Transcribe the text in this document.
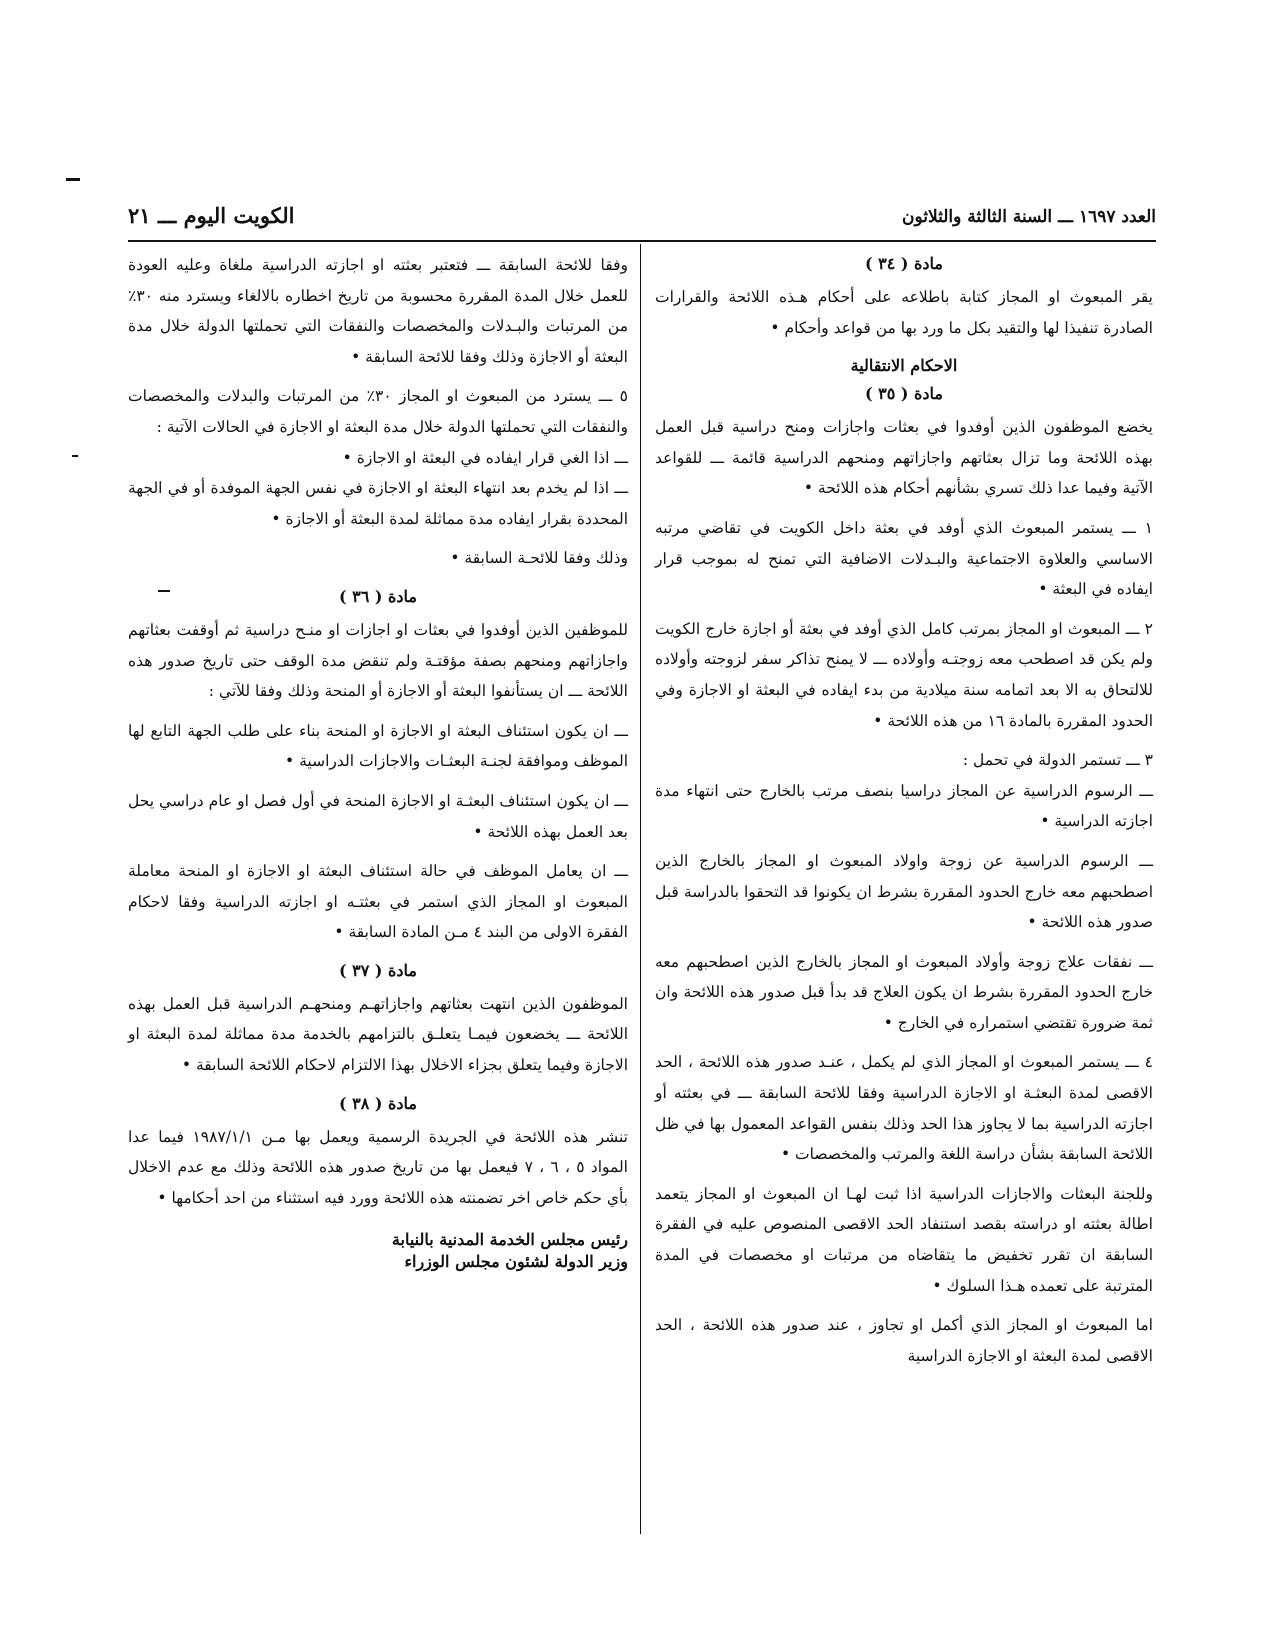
العدد ١٦٩٧ ـــ السنة الثالثة والثلاثون
الكويت اليوم ـــ ٢١
مادة ( ٣٤ )

يقر المبعوث او المجاز كتابة باطلاعه على أحكام هـذه اللائحة والقرارات الصادرة تنفيذا لها والتقيد بكل ما ورد بها من قواعد وأحكام •

الاحكام الانتقالية
مادة ( ٣٥ )

يخضع الموظفون الذين أوفدوا في بعثات واجازات ومنح دراسية قبل العمل بهذه اللائحة وما تزال بعثاتهم واجازاتهم ومنحهم الدراسية قائمة ـــ للقواعد الآتية وفيما عدا ذلك تسري بشأنهم أحكام هذه اللائحة •

١ ـــ يستمر المبعوث الذي أوفد في بعثة داخل الكويت في تقاضي مرتبه الاساسي والعلاوة الاجتماعية والبـدلات الاضافية التي تمنح له بموجب قرار ايفاده في البعثة •

٢ ـــ المبعوث او المجاز بمرتب كامل الذي أوفد في بعثة أو اجازة خارج الكويت ولم يكن قد اصطحب معه زوجتـه وأولاده ـــ لا يمنح تذاكر سفر لزوجته وأولاده للالتحاق به الا بعد اتمامه سنة ميلادية من بدء ايفاده في البعثة او الاجازة وفي الحدود المقررة بالمادة ١٦ من هذه اللائحة •

٣ ـــ تستمر الدولة في تحمل :

ـــ الرسوم الدراسية عن المجاز دراسيا بنصف مرتب بالخارج حتى انتهاء مدة اجازته الدراسية •

ـــ الرسوم الدراسية عن زوجة واولاد المبعوث او المجاز بالخارج الذين اصطحبهم معه خارج الحدود المقررة بشرط ان يكونوا قد التحقوا بالدراسة قبل صدور هذه اللائحة •

ـــ نفقات علاج زوجة وأولاد المبعوث او المجاز بالخارج الذين اصطحبهم معه خارج الحدود المقررة بشرط ان يكون العلاج قد بدأ قبل صدور هذه اللائحة وان ثمة ضرورة تقتضي استمراره في الخارج •

٤ ـــ يستمر المبعوث او المجاز الذي لم يكمل ، عنـد صدور هذه اللائحة ، الحد الاقصى لمدة البعثـة او الاجازة الدراسية وفقا للائحة السابقة ـــ في بعثته أو اجازته الدراسية بما لا يجاوز هذا الحد وذلك بنفس القواعد المعمول بها في ظل اللائحة السابقة بشأن دراسة اللغة والمرتب والمخصصات •

وللجنة البعثات والاجازات الدراسية اذا ثبت لهـا ان المبعوث او المجاز يتعمد اطالة بعثته او دراسته بقصد استنفاد الحد الاقصى المنصوص عليه في الفقرة السابقة ان تقرر تخفيض ما يتقاضاه من مرتبات او مخصصات في المدة المترتبة على تعمده هـذا السلوك •

اما المبعوث او المجاز الذي أكمل او تجاوز ، عند صدور هذه اللائحة ، الحد الاقصى لمدة البعثة او الاجازة الدراسية

وفقا للائحة السابقة ـــ فتعتبر بعثته او اجازته الدراسية ملغاة وعليه العودة للعمل خلال المدة المقررة محسوبة من تاريخ اخطاره بالالغاء ويسترد منه ٣٠٪ من المرتبات والبـدلات والمخصصات والنفقات التي تحملتها الدولة خلال مدة البعثة أو الاجازة وذلك وفقا للائحة السابقة •

٥ ـــ يسترد من المبعوث او المجاز ٣٠٪ من المرتبات والبدلات والمخصصات والنفقات التي تحملتها الدولة خلال مدة البعثة او الاجازة في الحالات الآتية :

ـــ اذا الغي قرار ايفاده في البعثة او الاجازة •

ـــ اذا لم يخدم بعد انتهاء البعثة او الاجازة في نفس الجهة الموفدة أو في الجهة المحددة بقرار ايفاده مدة مماثلة لمدة البعثة أو الاجازة •

وذلك وفقا للائحـة السابقة •

مادة ( ٣٦ )

للموظفين الذين أوفدوا في بعثات او اجازات او منـح دراسية ثم أوقفت بعثاتهم واجازاتهم ومنحهم بصفة مؤقتـة ولم تنقض مدة الوقف حتى تاريخ صدور هذه اللائحة ـــ ان يستأنفوا البعثة أو الاجازة أو المنحة وذلك وفقا للآتي :

ـــ ان يكون استئناف البعثة او الاجازة او المنحة بناء على طلب الجهة التابع لها الموظف وموافقة لجنـة البعثـات والاجازات الدراسية •

ـــ ان يكون استئناف البعثـة او الاجازة المنحة في أول فصل او عام دراسي يحل بعد العمل بهذه اللائحة •

ـــ ان يعامل الموظف في حالة استئناف البعثة او الاجازة او المنحة معاملة المبعوث او المجاز الذي استمر في بعثتـه او اجازته الدراسية وفقا لاحكام الفقرة الاولى من البند ٤ مـن المادة السابقة •

مادة ( ٣٧ )

الموظفون الذين انتهت بعثاتهم واجازاتهـم ومنحهـم الدراسية قبل العمل بهذه اللائحة ـــ يخضعون فيمـا يتعلـق بالتزامهم بالخدمة مدة مماثلة لمدة البعثة او الاجازة وفيما يتعلق بجزاء الاخلال بهذا الالتزام لاحكام اللائحة السابقة •

مادة ( ٣٨ )

تنشر هذه اللائحة في الجريدة الرسمية ويعمل بها مـن ١٩٨٧/١/١ فيما عدا المواد ٥ ، ٦ ، ٧ فيعمل بها من تاريخ صدور هذه اللائحة وذلك مع عدم الاخلال بأي حكم خاص اخر تضمنته هذه اللائحة وورد فيه استثناء من احد أحكامها •

رئيس مجلس الخدمة المدنية بالنيابة
وزير الدولة لشئون مجلس الوزراء
